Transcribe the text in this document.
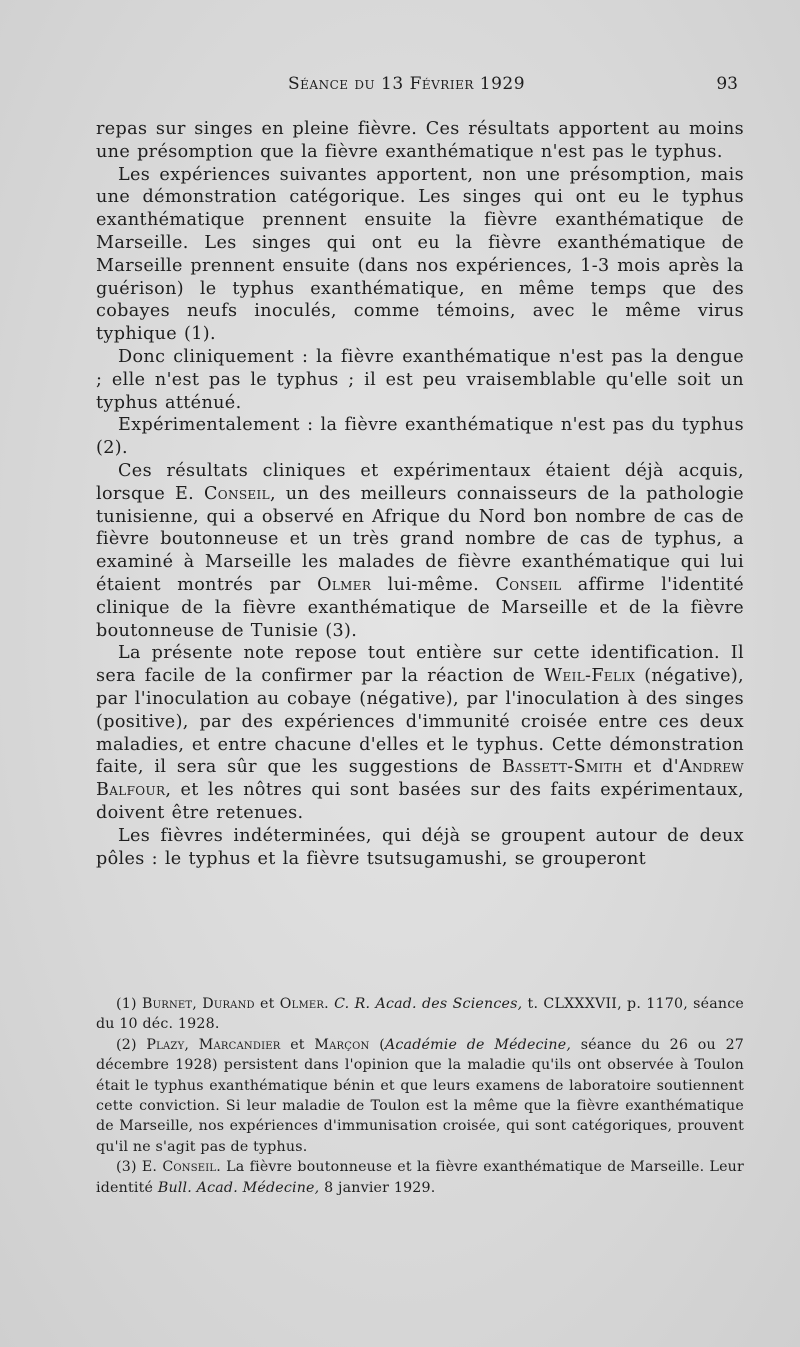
Séance du 13 Février 1929	93

repas sur singes en pleine fièvre. Ces résultats apportent au moins une présomption que la fièvre exanthématique n'est pas le typhus.

Les expériences suivantes apportent, non une présomption, mais une démonstration catégorique. Les singes qui ont eu le typhus exanthématique prennent ensuite la fièvre exanthématique de Marseille. Les singes qui ont eu la fièvre exanthématique de Marseille prennent ensuite (dans nos expériences, 1-3 mois après la guérison) le typhus exanthématique, en même temps que des cobayes neufs inoculés, comme témoins, avec le même virus typhique (1).

Donc cliniquement : la fièvre exanthématique n'est pas la dengue ; elle n'est pas le typhus ; il est peu vraisemblable qu'elle soit un typhus atténué.

Expérimentalement : la fièvre exanthématique n'est pas du typhus (2).

Ces résultats cliniques et expérimentaux étaient déjà acquis, lorsque E. Conseil, un des meilleurs connaisseurs de la pathologie tunisienne, qui a observé en Afrique du Nord bon nombre de cas de fièvre boutonneuse et un très grand nombre de cas de typhus, a examiné à Marseille les malades de fièvre exanthématique qui lui étaient montrés par Olmer lui-même. Conseil affirme l'identité clinique de la fièvre exanthématique de Marseille et de la fièvre boutonneuse de Tunisie (3).

La présente note repose tout entière sur cette identification. Il sera facile de la confirmer par la réaction de Weil-Felix (négative), par l'inoculation au cobaye (négative), par l'inoculation à des singes (positive), par des expériences d'immunité croisée entre ces deux maladies, et entre chacune d'elles et le typhus. Cette démonstration faite, il sera sûr que les suggestions de Bassett-Smith et d'Andrew Balfour, et les nôtres qui sont basées sur des faits expérimentaux, doivent être retenues.

Les fièvres indéterminées, qui déjà se groupent autour de deux pôles : le typhus et la fièvre tsutsugamushi, se grouperont

(1) Burnet, Durand et Olmer. C. R. Acad. des Sciences, t. CLXXXVII, p. 1170, séance du 10 déc. 1928.

(2) Plazy, Marcandier et Marçon (Académie de Médecine, séance du 26 ou 27 décembre 1928) persistent dans l'opinion que la maladie qu'ils ont observée à Toulon était le typhus exanthématique bénin et que leurs examens de laboratoire soutiennent cette conviction. Si leur maladie de Toulon est la même que la fièvre exanthématique de Marseille, nos expériences d'immunisation croisée, qui sont catégoriques, prouvent qu'il ne s'agit pas de typhus.

(3) E. Conseil. La fièvre boutonneuse et la fièvre exanthématique de Marseille. Leur identité Bull. Acad. Médecine, 8 janvier 1929.
